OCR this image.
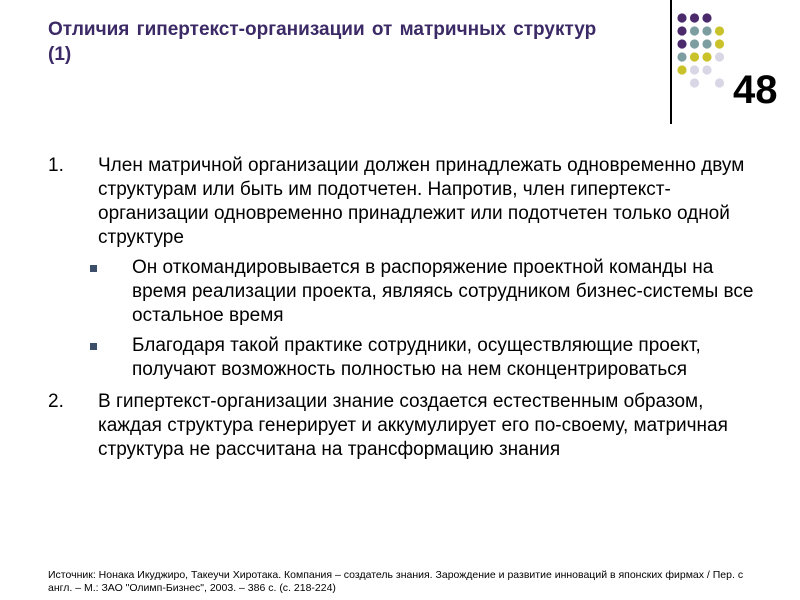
Отличия гипертекст-организации от матричных структур (1)
48
1. Член матричной организации должен принадлежать одновременно двум структурам или быть им подотчетен. Напротив, член гипертекст-организации одновременно принадлежит или подотчетен только одной структуре
Он откомандировывается в распоряжение проектной команды на время реализации проекта, являясь сотрудником бизнес-системы все остальное время
Благодаря такой практике сотрудники, осуществляющие проект, получают возможность полностью на нем сконцентрироваться
2. В гипертекст-организации знание создается естественным образом, каждая структура генерирует и аккумулирует его по-своему, матричная структура не рассчитана на трансформацию знания
Источник: Нонака Икуджиро, Такеучи Хиротака. Компания – создатель знания. Зарождение и развитие инноваций в японских фирмах / Пер. с англ. – М.: ЗАО "Олимп-Бизнес", 2003. – 386 с. (с. 218-224)
